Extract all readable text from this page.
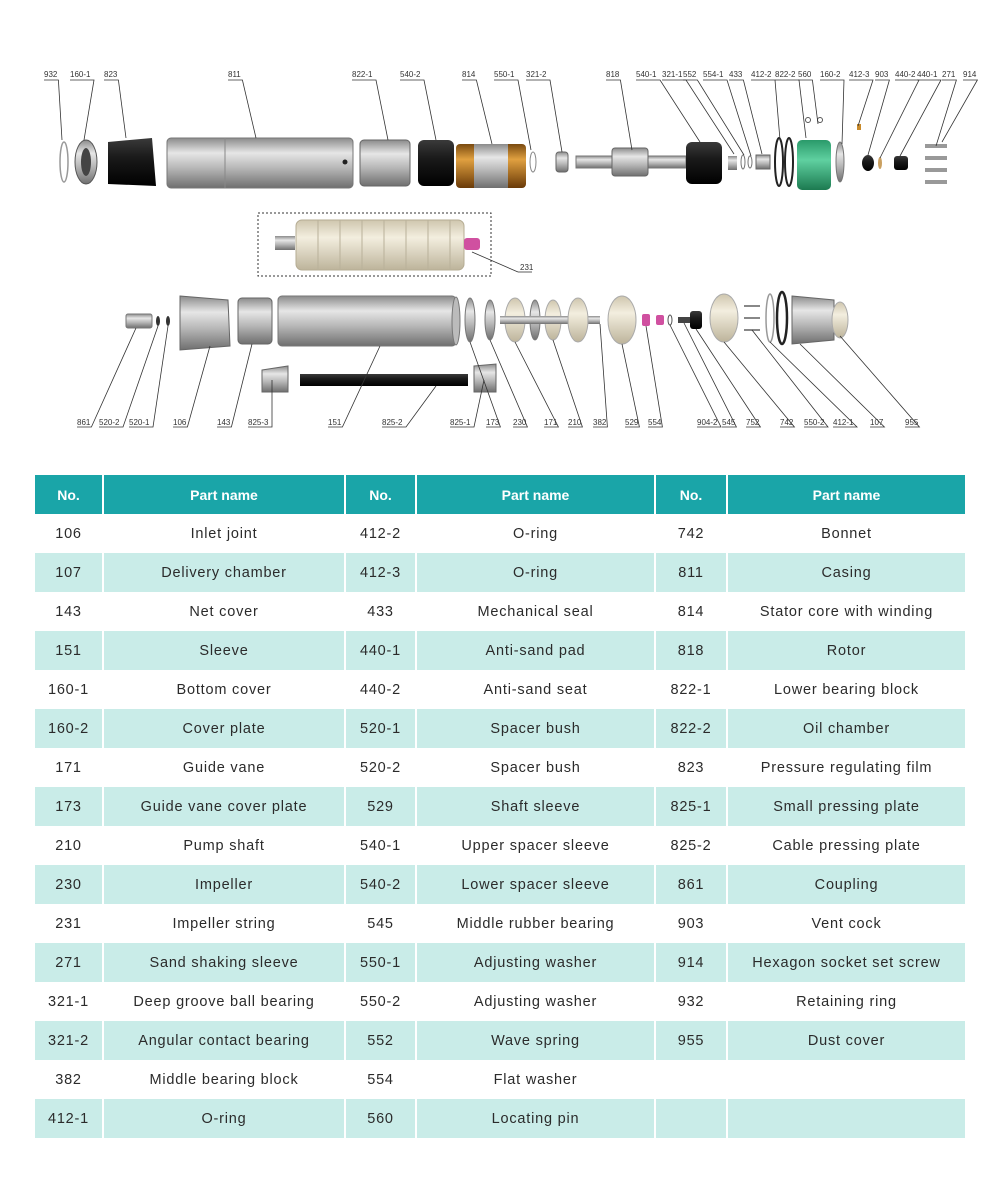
231
932 160-1 823	811	822-1	540-2	814 550-1 321-2	818 540-1 321-1 552 554-1 433 412-2 822-2 560 160-2 412-3 903 440-2 440-1 271 914
861 520-2 520-1	106	143 825-3	151	825-2	825-1 173 230 171 210 382 529 554	904-2 545 752	742 550-2 412-1 107	955
No.	Part name	No.	Part name	No.	Part name
106	Inlet joint	412-2	O-ring	742	Bonnet
107	Delivery chamber	412-3	O-ring	811	Casing
143	Net cover	433	Mechanical seal	814	Stator core with winding
151	Sleeve	440-1	Anti-sand pad	818	Rotor
160-1	Bottom cover	440-2	Anti-sand seat	822-1	Lower bearing block
160-2	Cover plate	520-1	Spacer bush	822-2	Oil chamber
171	Guide vane	520-2	Spacer bush	823	Pressure regulating film
173	Guide vane cover plate	529	Shaft sleeve	825-1	Small pressing plate
210	Pump shaft	540-1	Upper spacer sleeve	825-2	Cable pressing plate
230	Impeller	540-2	Lower spacer sleeve	861	Coupling
231	Impeller string	545	Middle rubber bearing	903	Vent cock
271	Sand shaking sleeve	550-1	Adjusting washer	914	Hexagon socket set screw
321-1	Deep groove ball bearing	550-2	Adjusting washer	932	Retaining ring
321-2	Angular contact bearing	552	Wave spring	955	Dust cover
382	Middle bearing block	554	Flat washer		
412-1	O-ring	560	Locating pin		
